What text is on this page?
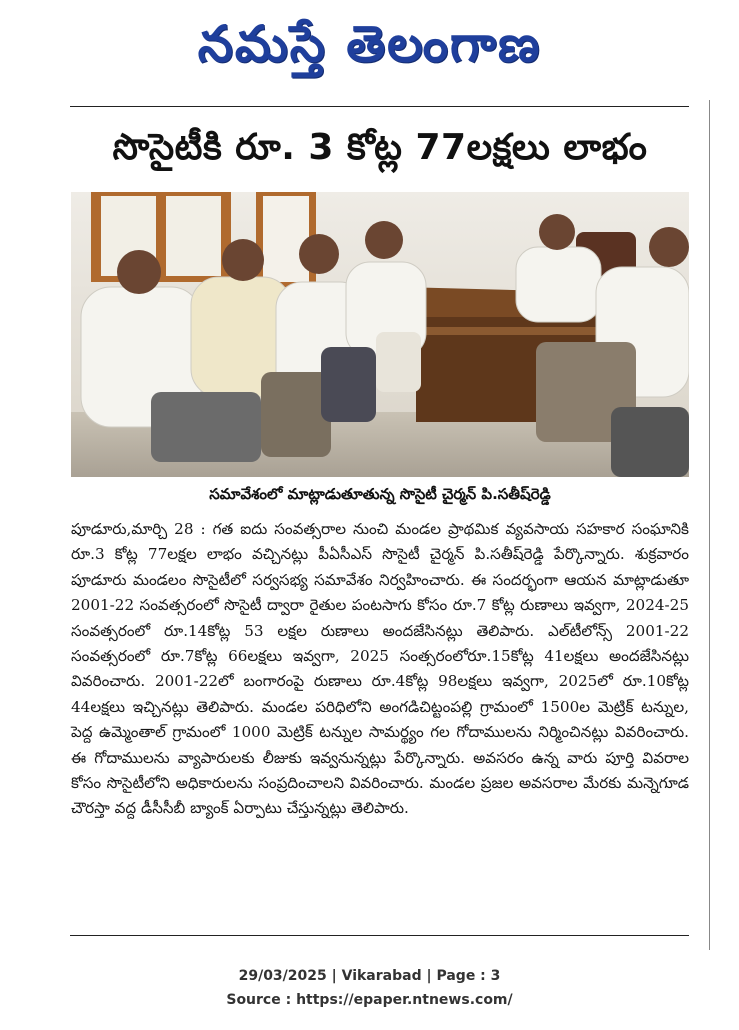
నమస్తే తెలంగాణ
సొసైటీకి రూ. 3 కోట్ల 77లక్షలు లాభం
సమావేశంలో మాట్లాడుతూతున్న సొసైటీ చైర్మన్ పి.సతీష్‌రెడ్డి

పూడూరు,మార్చి 28 : గత ఐదు సంవత్సరాల నుంచి మండల ప్రాథమిక వ్యవసాయ సహకార సంఘానికి రూ.3 కోట్ల 77లక్షల లాభం వచ్చినట్లు పీఏసీఎస్ సొసైటీ చైర్మన్ పి.సతీష్‌రెడ్డి పేర్కొన్నారు. శుక్రవారం పూడూరు మండలం సొసైటీలో సర్వసభ్య సమావేశం నిర్వహించారు. ఈ సందర్భంగా ఆయన మాట్లాడుతూ 2001-22 సంవత్సరంలో సొసైటీ ద్వారా రైతుల పంటసాగు కోసం రూ.7 కోట్ల రుణాలు ఇవ్వగా, 2024-25 సంవత్సరంలో రూ.14కోట్ల 53 లక్షల రుణాలు అందజేసినట్లు తెలిపారు. ఎల్‌టీలోన్స్ 2001-22 సంవత్సరంలో రూ.7కోట్ల 66లక్షలు ఇవ్వగా, 2025 సంత్సరంలోరూ.15కోట్ల 41లక్షలు అందజేసినట్లు వివరించారు. 2001-22లో బంగారంపై రుణాలు రూ.4కోట్ల 98లక్షలు ఇవ్వగా, 2025లో రూ.10కోట్ల 44లక్షలు ఇచ్చినట్లు తెలిపారు. మండల పరిధిలోని అంగడిచిట్టంపల్లి గ్రామంలో 1500ల మెట్రిక్ టన్నుల, పెద్ద ఉమ్మెంతాల్ గ్రామంలో 1000 మెట్రిక్ టన్నుల సామర్థ్యం గల గోదాములను నిర్మించినట్లు వివరించారు. ఈ గోదాములను వ్యాపారులకు లీజుకు ఇవ్వనున్నట్లు పేర్కొన్నారు. అవసరం ఉన్న వారు పూర్తి వివరాల కోసం సొసైటీలోని అధికారులను సంప్రదించాలని వివరించారు. మండల ప్రజల అవసరాల మేరకు మన్నెగూడ చౌరస్తా వద్ద డీసీసీబీ బ్యాంక్ ఏర్పాటు చేస్తున్నట్లు తెలిపారు.

29/03/2025 | Vikarabad | Page : 3
Source : https://epaper.ntnews.com/
